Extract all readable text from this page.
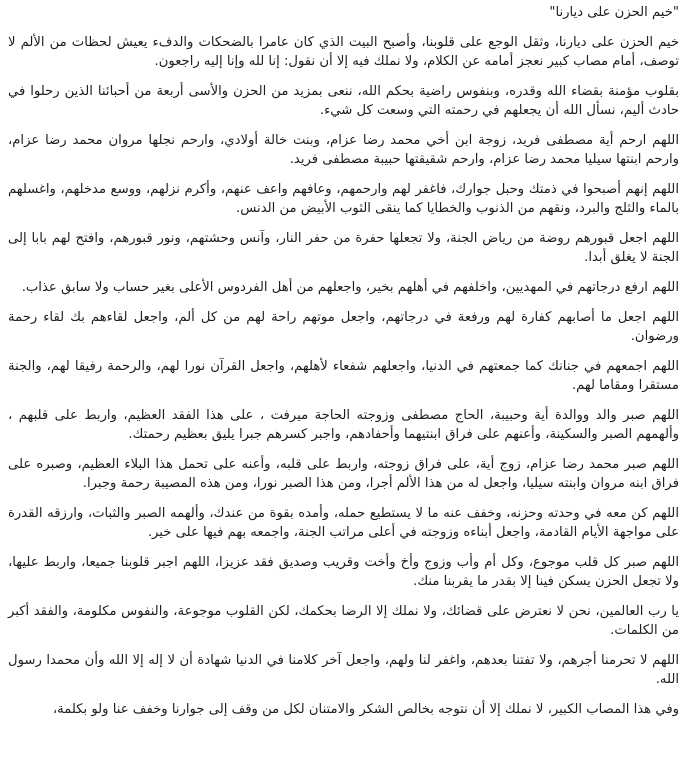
"خيم الحزن على ديارنا"

خيم الحزن على ديارنا، وثقل الوجع على قلوبنا، وأصبح البيت الذي كان عامرا بالضحكات والدفء يعيش لحظات من الألم لا توصف، أمام مصاب كبير نعجز أمامه عن الكلام، ولا نملك فيه إلا أن نقول: إنا لله وإنا إليه راجعون.

بقلوب مؤمنة بقضاء الله وقدره، وبنفوس راضية بحكم الله، ننعى بمزيد من الحزن والأسى أربعة من أحبائنا الذين رحلوا في حادث أليم، نسأل الله أن يجعلهم في رحمته التي وسعت كل شيء.

اللهم ارحم أية مصطفى فريد، زوجة ابن أخي محمد رضا عزام، وبنت خالة أولادي، وارحم نجلها مروان محمد رضا عزام، وارحم ابنتها سيليا محمد رضا عزام، وارحم شقيقتها حبيبة مصطفى فريد.

اللهم إنهم أصبحوا في ذمتك وحبل جوارك، فاغفر لهم وارحمهم، وعافهم واعف عنهم، وأكرم نزلهم، ووسع مدخلهم، واغسلهم بالماء والثلج والبرد، ونقهم من الذنوب والخطايا كما ينقى الثوب الأبيض من الدنس.

اللهم اجعل قبورهم روضة من رياض الجنة، ولا تجعلها حفرة من حفر النار، وآنس وحشتهم، ونور قبورهم، وافتح لهم بابا إلى الجنة لا يغلق أبدا.

اللهم ارفع درجاتهم في المهديين، واخلفهم في أهلهم بخير، واجعلهم من أهل الفردوس الأعلى بغير حساب ولا سابق عذاب.

اللهم اجعل ما أصابهم كفارة لهم ورفعة في درجاتهم، واجعل موتهم راحة لهم من كل ألم، واجعل لقاءهم بك لقاء رحمة ورضوان.

اللهم اجمعهم في جنانك كما جمعتهم في الدنيا، واجعلهم شفعاء لأهلهم، واجعل القرآن نورا لهم، والرحمة رفيقا لهم، والجنة مستقرا ومقاما لهم.

اللهم صبر والد ووالدة أية وحبيبة، الحاج مصطفى وزوجته الحاجة ميرفت ، على هذا الفقد العظيم، واربط على قلبهم ، وألهمهم الصبر والسكينة، وأعنهم على فراق ابنتيهما وأحفادهم، واجبر كسرهم جبرا يليق بعظيم رحمتك.

اللهم صبر محمد رضا عزام، زوج أية، على فراق زوجته، واربط على قلبه، وأعنه على تحمل هذا البلاء العظيم، وصبره على فراق ابنه مروان وابنته سيليا، واجعل له من هذا الألم أجرا، ومن هذا الصبر نورا، ومن هذه المصيبة رحمة وجبرا.

اللهم كن معه في وحدته وحزنه، وخفف عنه ما لا يستطيع حمله، وأمده بقوة من عندك، وألهمه الصبر والثبات، وارزقه القدرة على مواجهة الأيام القادمة، واجعل أبناءه وزوجته في أعلى مراتب الجنة، واجمعه بهم فيها على خير.

اللهم صبر كل قلب موجوع، وكل أم وأب وزوج وأخ وأخت وقريب وصديق فقد عزيزا، اللهم اجبر قلوبنا جميعا، واربط عليها، ولا تجعل الحزن يسكن فينا إلا بقدر ما يقربنا منك.

يا رب العالمين، نحن لا نعترض على قضائك، ولا نملك إلا الرضا بحكمك، لكن القلوب موجوعة، والنفوس مكلومة، والفقد أكبر من الكلمات.

اللهم لا تحرمنا أجرهم، ولا تفتنا بعدهم، واغفر لنا ولهم، واجعل آخر كلامنا في الدنيا شهادة أن لا إله إلا الله وأن محمدا رسول الله.

وفي هذا المصاب الكبير، لا نملك إلا أن نتوجه بخالص الشكر والامتنان لكل من وقف إلى جوارنا وخفف عنا ولو بكلمة،
